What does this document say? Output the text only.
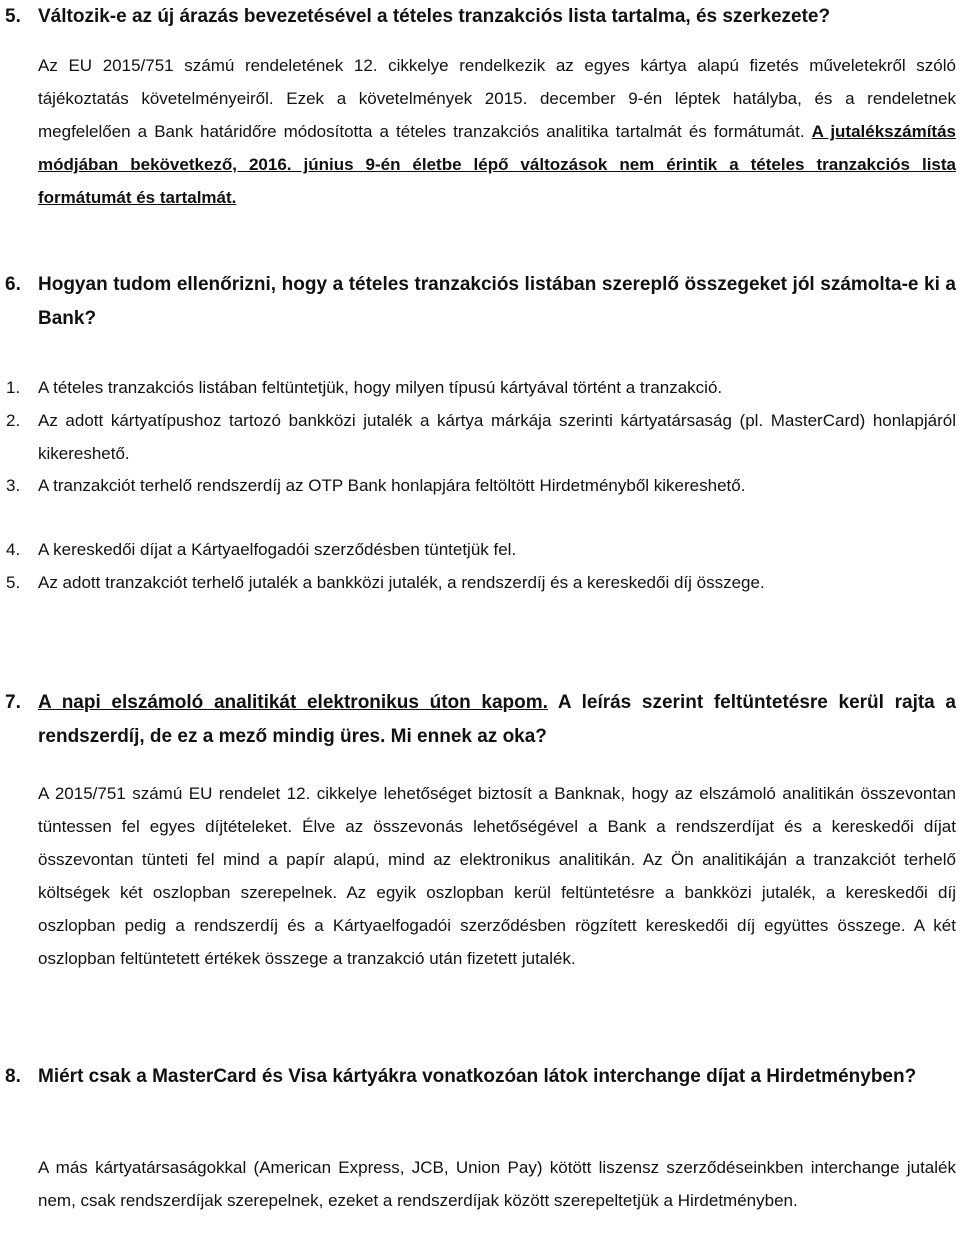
5. Változik-e az új árazás bevezetésével a tételes tranzakciós lista tartalma, és szerkezete?
Az EU 2015/751 számú rendeletének 12. cikkelye rendelkezik az egyes kártya alapú fizetés műveletekről szóló tájékoztatás követelményeiről. Ezek a követelmények 2015. december 9-én léptek hatályba, és a rendeletnek megfelelően a Bank határidőre módosította a tételes tranzakciós analitika tartalmát és formátumát. A jutalékszámítás módjában bekövetkező, 2016. június 9-én életbe lépő változások nem érintik a tételes tranzakciós lista formátumát és tartalmát.
6. Hogyan tudom ellenőrizni, hogy a tételes tranzakciós listában szereplő összegeket jól számolta-e ki a Bank?
1. A tételes tranzakciós listában feltüntetjük, hogy milyen típusú kártyával történt a tranzakció.
2. Az adott kártyatípushoz tartozó bankközi jutalék a kártya márkája szerinti kártyatársaság (pl. MasterCard) honlapjáról kikereshető.
3. A tranzakciót terhelő rendszerdíj az OTP Bank honlapjára feltöltött Hirdetményből kikereshető.
4. A kereskedői díjat a Kártyaelfogadói szerződésben tüntetjük fel.
5. Az adott tranzakciót terhelő jutalék a bankközi jutalék, a rendszerdíj és a kereskedői díj összege.
7. A napi elszámoló analitikát elektronikus úton kapom. A leírás szerint feltüntetésre kerül rajta a rendszerdíj, de ez a mező mindig üres. Mi ennek az oka?
A 2015/751 számú EU rendelet 12. cikkelye lehetőséget biztosít a Banknak, hogy az elszámoló analitikán összevontan tüntessen fel egyes díjtételeket. Élve az összevonás lehetőségével a Bank a rendszerdíjat és a kereskedői díjat összevontan tünteti fel mind a papír alapú, mind az elektronikus analitikán. Az Ön analitikáján a tranzakciót terhelő költségek két oszlopban szerepelnek. Az egyik oszlopban kerül feltüntetésre a bankközi jutalék, a kereskedői díj oszlopban pedig a rendszerdíj és a Kártyaelfogadói szerződésben rögzített kereskedői díj együttes összege. A két oszlopban feltüntetett értékek összege a tranzakció után fizetett jutalék.
8. Miért csak a MasterCard és Visa kártyákra vonatkozóan látok interchange díjat a Hirdetményben?
A más kártyatársaságokkal (American Express, JCB, Union Pay) kötött liszensz szerződéseinkben interchange jutalék nem, csak rendszerdíjak szerepelnek, ezeket a rendszerdíjak között szerepeltetjük a Hirdetményben.
